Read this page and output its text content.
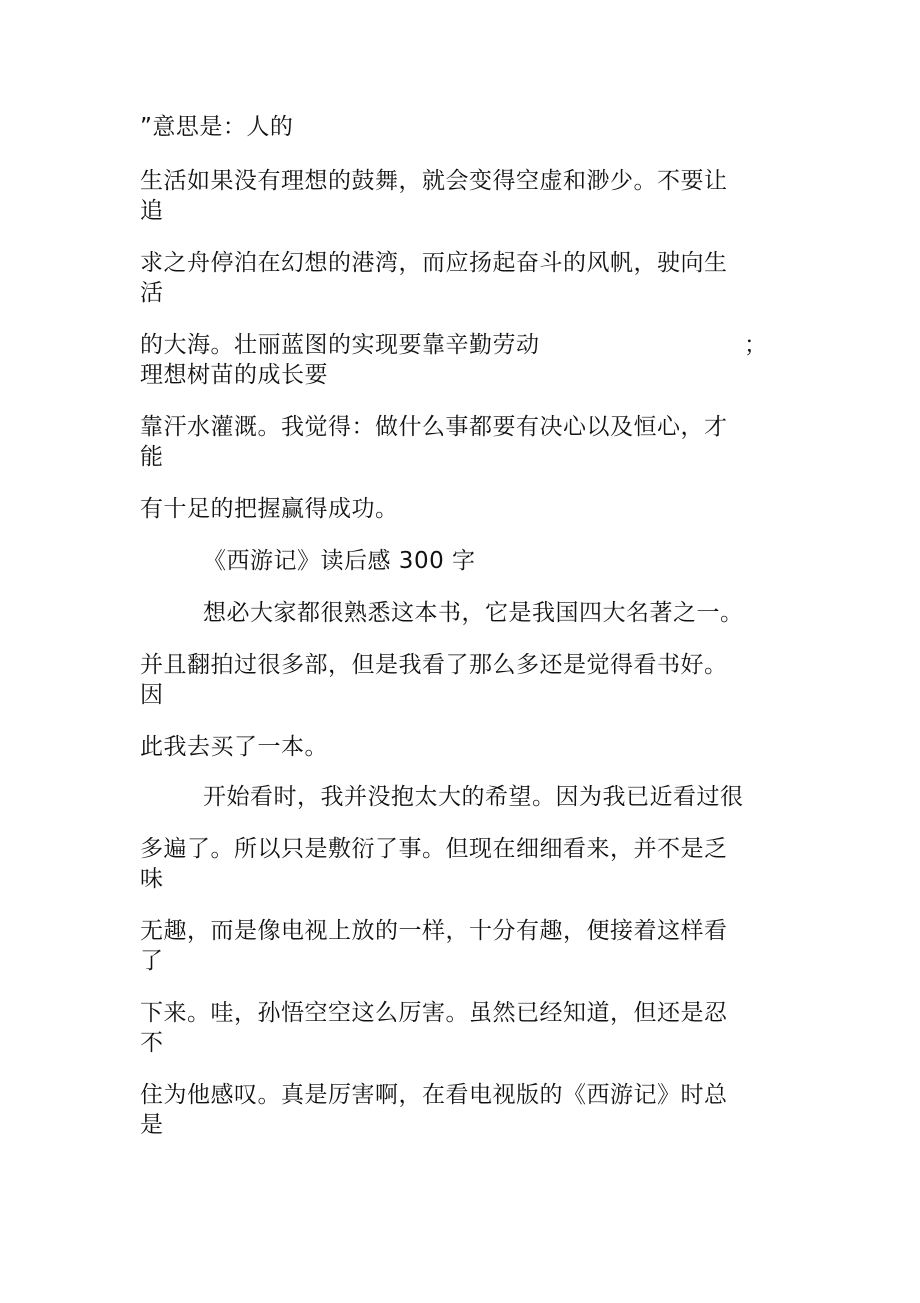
”意思是：人的
生活如果没有理想的鼓舞，就会变得空虚和渺少。不要让
追
求之舟停泊在幻想的港湾，而应扬起奋斗的风帆，驶向生
活
的大海。壮丽蓝图的实现要靠辛勤劳动	；
理想树苗的成长要
靠汗水灌溉。我觉得：做什么事都要有决心以及恒心，才
能
有十足的把握赢得成功。
《西游记》读后感 300 字
想必大家都很熟悉这本书，它是我国四大名著之一。
并且翻拍过很多部，但是我看了那么多还是觉得看书好。
因
此我去买了一本。
开始看时，我并没抱太大的希望。因为我已近看过很
多遍了。所以只是敷衍了事。但现在细细看来，并不是乏
味
无趣，而是像电视上放的一样，十分有趣，便接着这样看
了
下来。哇，孙悟空空这么厉害。虽然已经知道，但还是忍
不
住为他感叹。真是厉害啊，在看电视版的《西游记》时总
是
